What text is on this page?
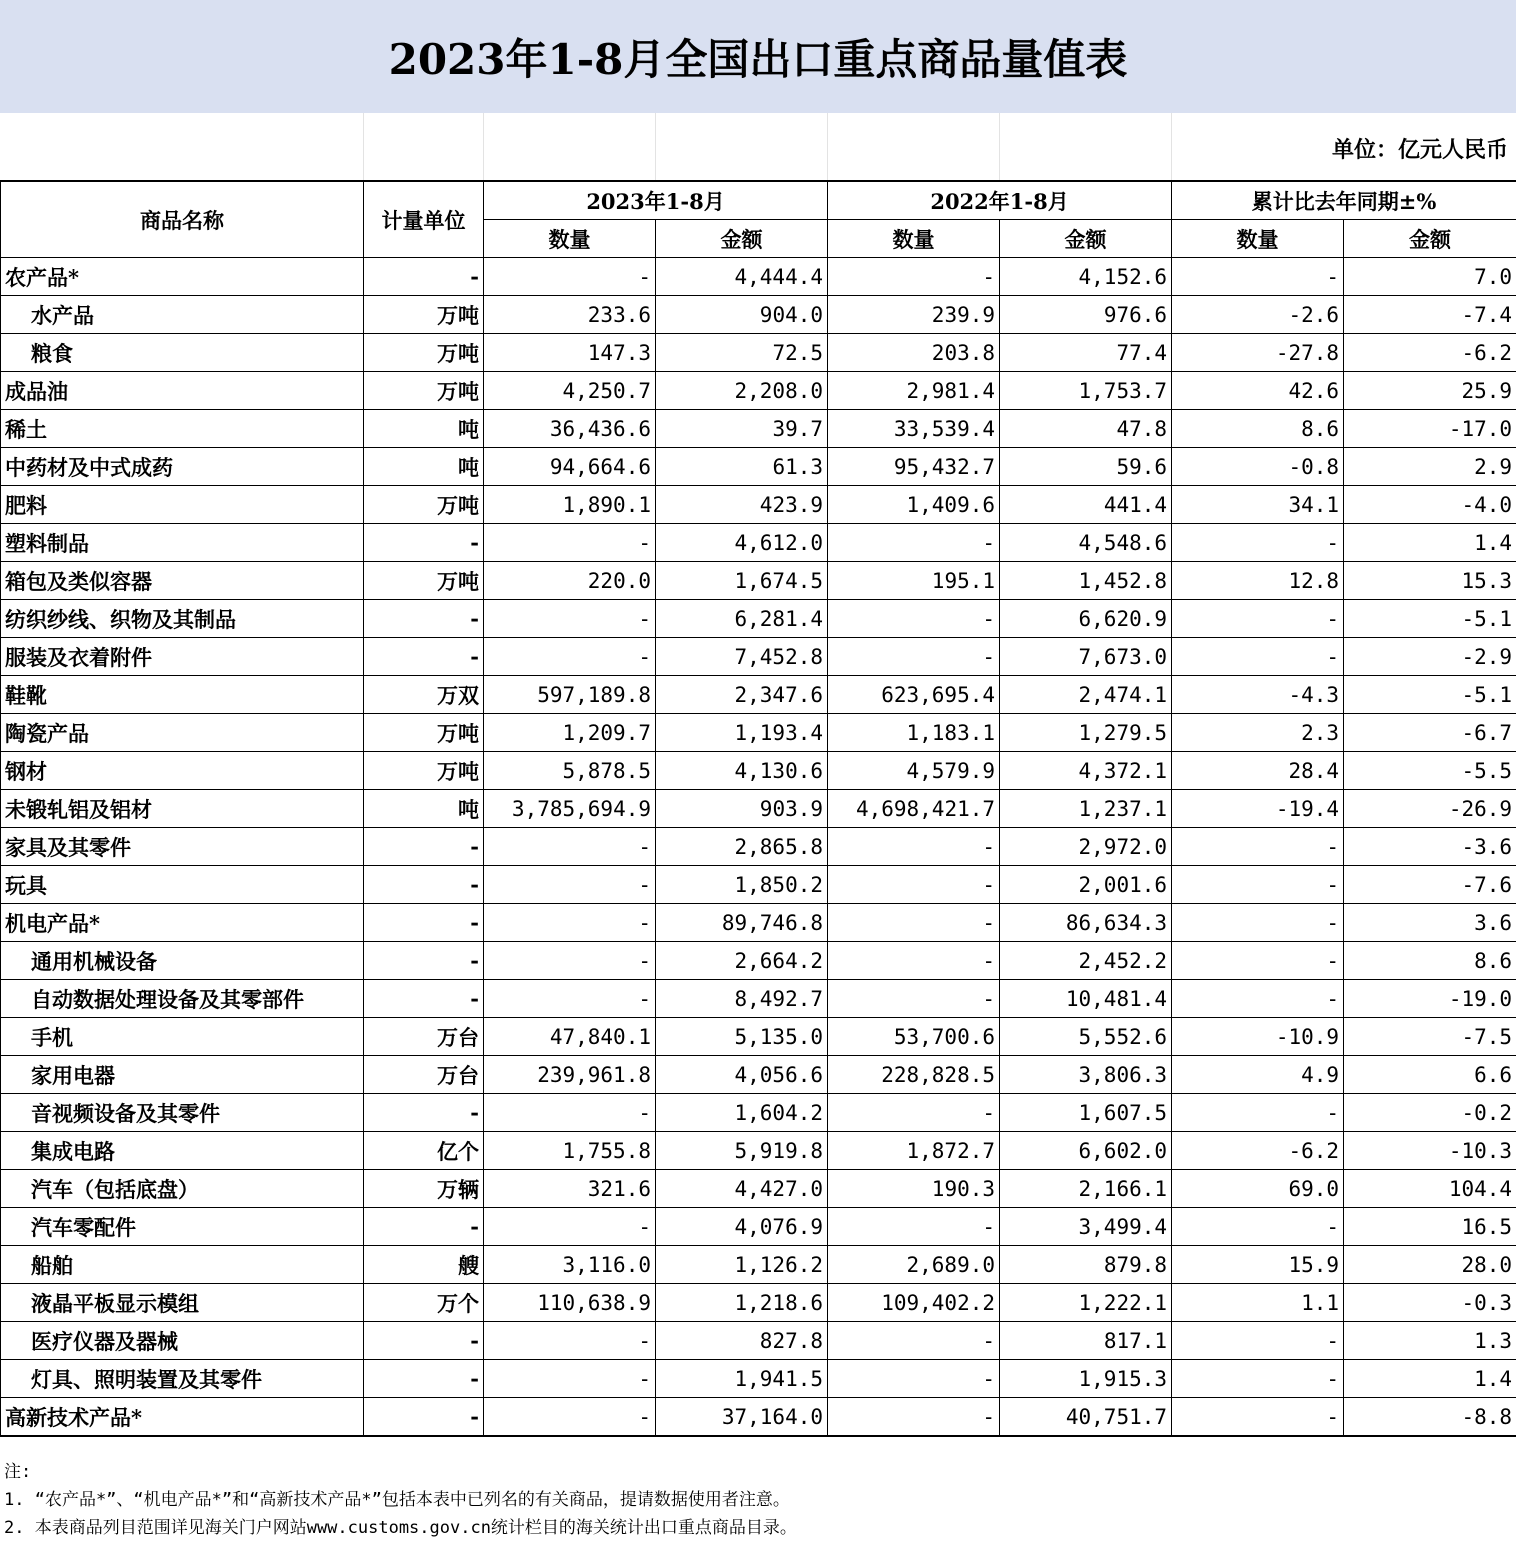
2023年1-8月全国出口重点商品量值表
单位：亿元人民币
商品名称	计量单位	2023年1-8月		2022年1-8月		累计比去年同期±%	
		数量	金额	数量	金额	数量	金额
农产品*	-	-	4,444.4	-	4,152.6	-	7.0
水产品	万吨	233.6	904.0	239.9	976.6	-2.6	-7.4
粮食	万吨	147.3	72.5	203.8	77.4	-27.8	-6.2
成品油	万吨	4,250.7	2,208.0	2,981.4	1,753.7	42.6	25.9
稀土	吨	36,436.6	39.7	33,539.4	47.8	8.6	-17.0
中药材及中式成药	吨	94,664.6	61.3	95,432.7	59.6	-0.8	2.9
肥料	万吨	1,890.1	423.9	1,409.6	441.4	34.1	-4.0
塑料制品	-	-	4,612.0	-	4,548.6	-	1.4
箱包及类似容器	万吨	220.0	1,674.5	195.1	1,452.8	12.8	15.3
纺织纱线、织物及其制品	-	-	6,281.4	-	6,620.9	-	-5.1
服装及衣着附件	-	-	7,452.8	-	7,673.0	-	-2.9
鞋靴	万双	597,189.8	2,347.6	623,695.4	2,474.1	-4.3	-5.1
陶瓷产品	万吨	1,209.7	1,193.4	1,183.1	1,279.5	2.3	-6.7
钢材	万吨	5,878.5	4,130.6	4,579.9	4,372.1	28.4	-5.5
未锻轧铝及铝材	吨	3,785,694.9	903.9	4,698,421.7	1,237.1	-19.4	-26.9
家具及其零件	-	-	2,865.8	-	2,972.0	-	-3.6
玩具	-	-	1,850.2	-	2,001.6	-	-7.6
机电产品*	-	-	89,746.8	-	86,634.3	-	3.6
通用机械设备	-	-	2,664.2	-	2,452.2	-	8.6
自动数据处理设备及其零部件	-	-	8,492.7	-	10,481.4	-	-19.0
手机	万台	47,840.1	5,135.0	53,700.6	5,552.6	-10.9	-7.5
家用电器	万台	239,961.8	4,056.6	228,828.5	3,806.3	4.9	6.6
音视频设备及其零件	-	-	1,604.2	-	1,607.5	-	-0.2
集成电路	亿个	1,755.8	5,919.8	1,872.7	6,602.0	-6.2	-10.3
汽车（包括底盘）	万辆	321.6	4,427.0	190.3	2,166.1	69.0	104.4
汽车零配件	-	-	4,076.9	-	3,499.4	-	16.5
船舶	艘	3,116.0	1,126.2	2,689.0	879.8	15.9	28.0
液晶平板显示模组	万个	110,638.9	1,218.6	109,402.2	1,222.1	1.1	-0.3
医疗仪器及器械	-	-	827.8	-	817.1	-	1.3
灯具、照明装置及其零件	-	-	1,941.5	-	1,915.3	-	1.4
高新技术产品*	-	-	37,164.0	-	40,751.7	-	-8.8
注:
1. “农产品*”、“机电产品*”和“高新技术产品*”包括本表中已列名的有关商品，提请数据使用者注意。
2. 本表商品列目范围详见海关门户网站www.customs.gov.cn统计栏目的海关统计出口重点商品目录。
